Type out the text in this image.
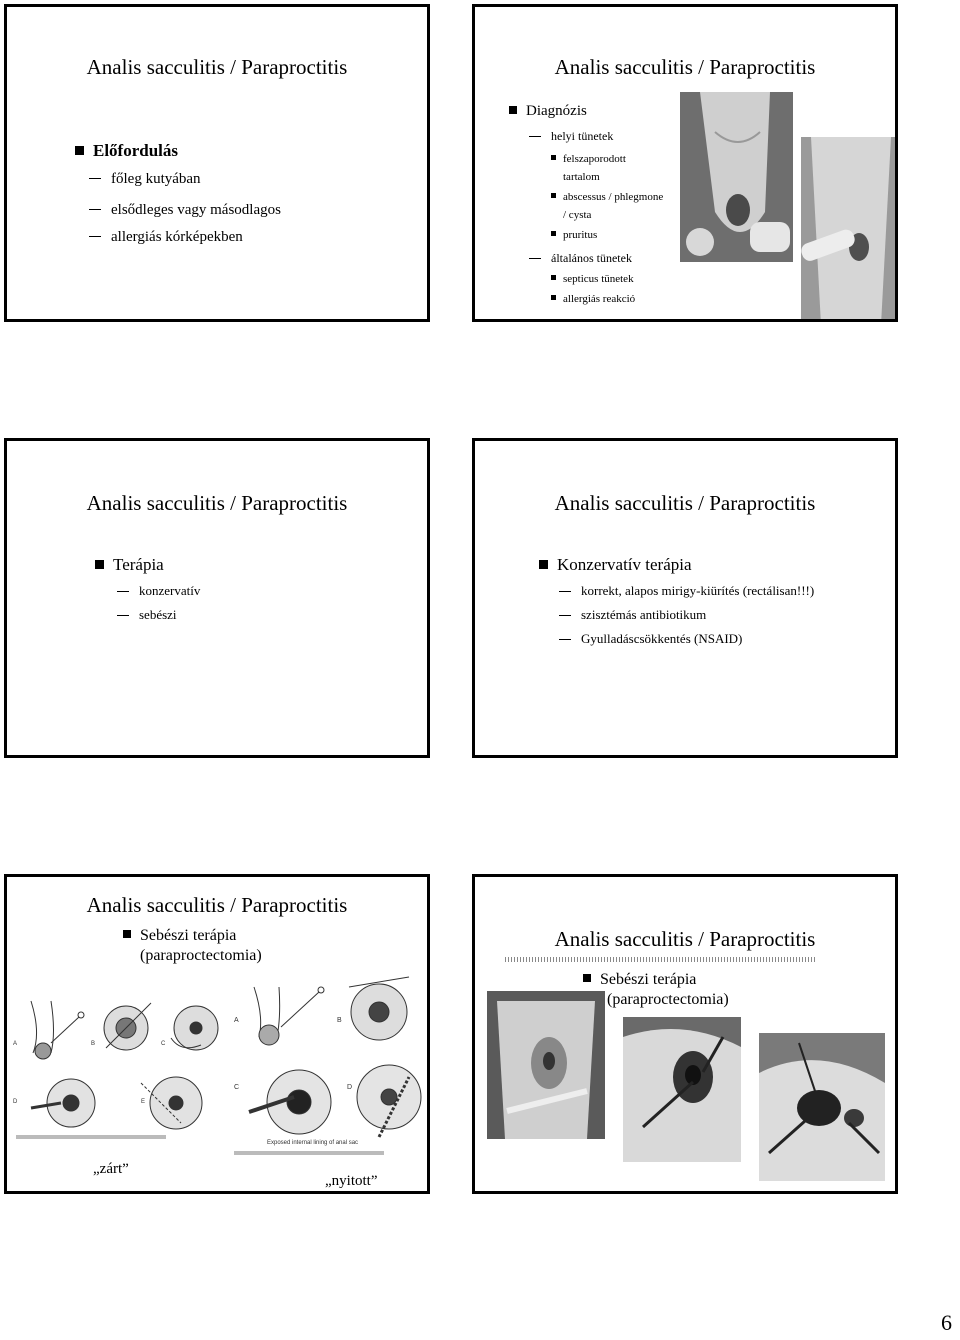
Analis sacculitis / Paraproctitis
Előfordulás
főleg kutyában
elsődleges vagy másodlagos
allergiás kórképekben
Analis sacculitis / Paraproctitis
Diagnózis
helyi tünetek
felszaporodott
tartalom
abscessus / phlegmone
/ cysta
pruritus
általános tünetek
septicus tünetek
allergiás reakció
Analis sacculitis / Paraproctitis
Terápia
konzervatív
sebészi
Analis sacculitis / Paraproctitis
Konzervatív terápia
korrekt, alapos mirigy-kiürítés (rectálisan!!!)
szisztémás antibiotikum
Gyulladáscsökkentés (NSAID)
Analis sacculitis / Paraproctitis
Sebészi terápia
(paraproctectomia)
A	B	C
D	E
A	B
C	D
Exposed internal lining of anal sac
„zárt”
„nyitott”
Analis sacculitis / Paraproctitis
Sebészi terápia
(paraproctectomia)
6
